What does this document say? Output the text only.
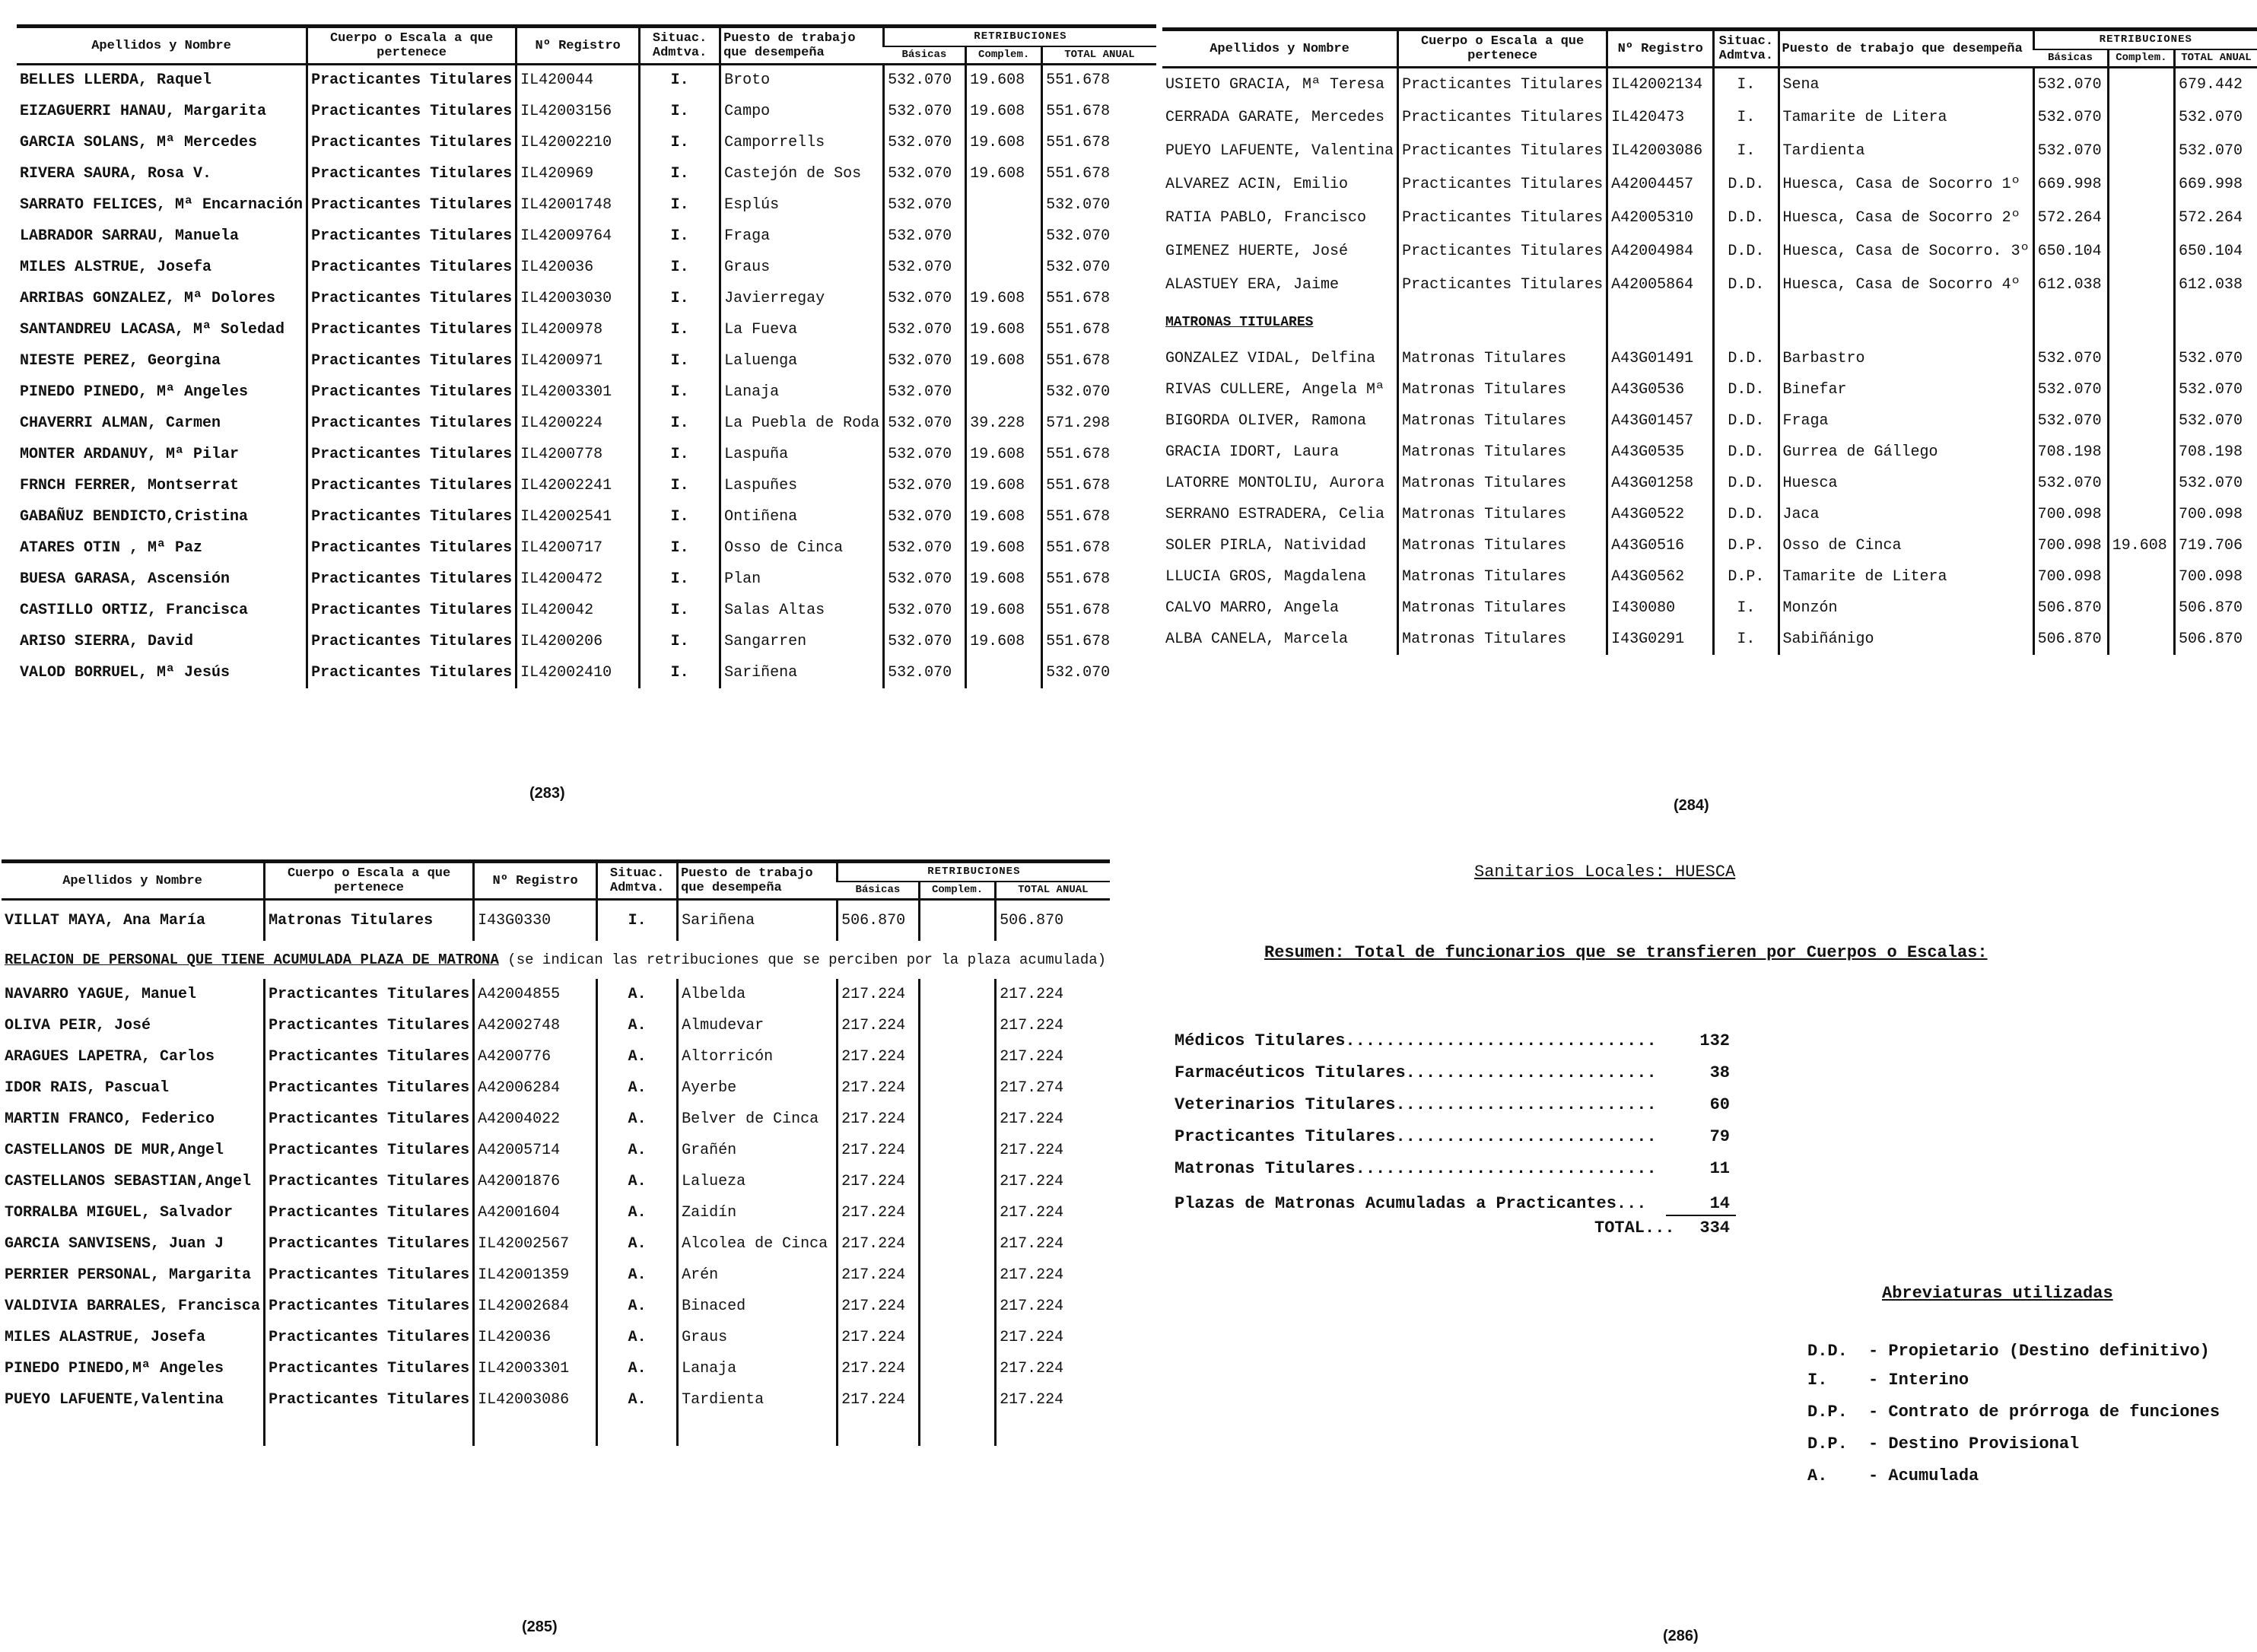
Apellidos y Nombre	Cuerpo o Escala a que pertenece	Nº Registro	Situac. Admtva.	Puesto de trabajo que desempeña	RETRIBUCIONES		
					Básicas	Complem.	TOTAL ANUAL
BELLES LLERDA, Raquel	Practicantes Titulares	IL420044	I.	Broto	532.070	19.608	551.678
EIZAGUERRI HANAU, Margarita	Practicantes Titulares	IL42003156	I.	Campo	532.070	19.608	551.678
GARCIA SOLANS, Mª Mercedes	Practicantes Titulares	IL42002210	I.	Camporrells	532.070	19.608	551.678
RIVERA SAURA, Rosa V.	Practicantes Titulares	IL420969	I.	Castejón de Sos	532.070	19.608	551.678
SARRATO FELICES, Mª Encarnación	Practicantes Titulares	IL42001748	I.	Esplús	532.070		532.070
LABRADOR SARRAU, Manuela	Practicantes Titulares	IL42009764	I.	Fraga	532.070		532.070
MILES ALSTRUE, Josefa	Practicantes Titulares	IL420036	I.	Graus	532.070		532.070
ARRIBAS GONZALEZ, Mª Dolores	Practicantes Titulares	IL42003030	I.	Javierregay	532.070	19.608	551.678
SANTANDREU LACASA, Mª Soledad	Practicantes Titulares	IL4200978	I.	La Fueva	532.070	19.608	551.678
NIESTE PEREZ, Georgina	Practicantes Titulares	IL4200971	I.	Laluenga	532.070	19.608	551.678
PINEDO PINEDO, Mª Angeles	Practicantes Titulares	IL42003301	I.	Lanaja	532.070		532.070
CHAVERRI ALMAN, Carmen	Practicantes Titulares	IL4200224	I.	La Puebla de Roda	532.070	39.228	571.298
MONTER ARDANUY, Mª Pilar	Practicantes Titulares	IL4200778	I.	Laspuña	532.070	19.608	551.678
FRNCH FERRER, Montserrat	Practicantes Titulares	IL42002241	I.	Laspuñes	532.070	19.608	551.678
GABAÑUZ BENDICTO,Cristina	Practicantes Titulares	IL42002541	I.	Ontiñena	532.070	19.608	551.678
ATARES OTIN , Mª Paz	Practicantes Titulares	IL4200717	I.	Osso de Cinca	532.070	19.608	551.678
BUESA GARASA, Ascensión	Practicantes Titulares	IL4200472	I.	Plan	532.070	19.608	551.678
CASTILLO ORTIZ, Francisca	Practicantes Titulares	IL420042	I.	Salas Altas	532.070	19.608	551.678
ARISO SIERRA, David	Practicantes Titulares	IL4200206	I.	Sangarren	532.070	19.608	551.678
VALOD BORRUEL, Mª Jesús	Practicantes Titulares	IL42002410	I.	Sariñena	532.070		532.070
(283)
Apellidos y Nombre	Cuerpo o Escala a que pertenece	Nº Registro	Situac. Admtva.	Puesto de trabajo que desempeña	RETRIBUCIONES		
					Básicas	Complem.	TOTAL ANUAL
USIETO GRACIA, Mª Teresa	Practicantes Titulares	IL42002134	I.	Sena	532.070		679.442
CERRADA GARATE, Mercedes	Practicantes Titulares	IL420473	I.	Tamarite de Litera	532.070		532.070
PUEYO LAFUENTE, Valentina	Practicantes Titulares	IL42003086	I.	Tardienta	532.070		532.070
ALVAREZ ACIN, Emilio	Practicantes Titulares	A42004457	D.D.	Huesca, Casa de Socorro 1º	669.998		669.998
RATIA PABLO, Francisco	Practicantes Titulares	A42005310	D.D.	Huesca, Casa de Socorro 2º	572.264		572.264
GIMENEZ HUERTE, José	Practicantes Titulares	A42004984	D.D.	Huesca, Casa de Socorro. 3º	650.104		650.104
ALASTUEY ERA, Jaime	Practicantes Titulares	A42005864	D.D.	Huesca, Casa de Socorro 4º	612.038		612.038
MATRONAS TITULARES							
GONZALEZ VIDAL, Delfina	Matronas Titulares	A43G01491	D.D.	Barbastro	532.070		532.070
RIVAS CULLERE, Angela Mª	Matronas Titulares	A43G0536	D.D.	Binefar	532.070		532.070
BIGORDA OLIVER, Ramona	Matronas Titulares	A43G01457	D.D.	Fraga	532.070		532.070
GRACIA IDORT, Laura	Matronas Titulares	A43G0535	D.D.	Gurrea de Gállego	708.198		708.198
LATORRE MONTOLIU, Aurora	Matronas Titulares	A43G01258	D.D.	Huesca	532.070		532.070
SERRANO ESTRADERA, Celia	Matronas Titulares	A43G0522	D.D.	Jaca	700.098		700.098
SOLER PIRLA, Natividad	Matronas Titulares	A43G0516	D.P.	Osso de Cinca	700.098	19.608	719.706
LLUCIA GROS, Magdalena	Matronas Titulares	A43G0562	D.P.	Tamarite de Litera	700.098		700.098
CALVO MARRO, Angela	Matronas Titulares	I430080	I.	Monzón	506.870		506.870
ALBA CANELA, Marcela	Matronas Titulares	I43G0291	I.	Sabiñánigo	506.870		506.870
(284)
Apellidos y Nombre	Cuerpo o Escala a que pertenece	Nº Registro	Situac. Admtva.	Puesto de trabajo que desempeña	RETRIBUCIONES		
					Básicas	Complem.	TOTAL ANUAL
VILLAT MAYA, Ana María	Matronas Titulares	I43G0330	I.	Sariñena	506.870		506.870
RELACION DE PERSONAL QUE TIENE ACUMULADA PLAZA DE MATRONA (se indican las retribuciones que se perciben por la plaza acumulada)							
NAVARRO YAGUE, Manuel	Practicantes Titulares	A42004855	A.	Albelda	217.224		217.224
OLIVA PEIR, José	Practicantes Titulares	A42002748	A.	Almudevar	217.224		217.224
ARAGUES LAPETRA, Carlos	Practicantes Titulares	A4200776	A.	Altorricón	217.224		217.224
IDOR RAIS, Pascual	Practicantes Titulares	A42006284	A.	Ayerbe	217.224		217.274
MARTIN FRANCO, Federico	Practicantes Titulares	A42004022	A.	Belver de Cinca	217.224		217.224
CASTELLANOS DE MUR,Angel	Practicantes Titulares	A42005714	A.	Grañén	217.224		217.224
CASTELLANOS SEBASTIAN,Angel	Practicantes Titulares	A42001876	A.	Lalueza	217.224		217.224
TORRALBA MIGUEL, Salvador	Practicantes Titulares	A42001604	A.	Zaidín	217.224		217.224
GARCIA SANVISENS, Juan J	Practicantes Titulares	IL42002567	A.	Alcolea de Cinca	217.224		217.224
PERRIER PERSONAL, Margarita	Practicantes Titulares	IL42001359	A.	Arén	217.224		217.224
VALDIVIA BARRALES, Francisca	Practicantes Titulares	IL42002684	A.	Binaced	217.224		217.224
MILES ALASTRUE, Josefa	Practicantes Titulares	IL420036	A.	Graus	217.224		217.224
PINEDO PINEDO,Mª Angeles	Practicantes Titulares	IL42003301	A.	Lanaja	217.224		217.224
PUEYO LAFUENTE,Valentina	Practicantes Titulares	IL42003086	A.	Tardienta	217.224		217.224

(285)
Sanitarios Locales: HUESCA
Resumen: Total de funcionarios que se transfieren por Cuerpos o Escalas:
Médicos Titulares...............................	132
Farmacéuticos Titulares.........................	38
Veterinarios Titulares..........................	60
Practicantes Titulares..........................	79
Matronas Titulares..............................	11
Plazas de Matronas Acumuladas a Practicantes...	14
TOTAL...	334
Abreviaturas utilizadas
D.D. - Propietario (Destino definitivo)
I. - Interino
D.P. - Contrato de prórroga de funciones
D.P. - Destino Provisional
A. - Acumulada
(286)
